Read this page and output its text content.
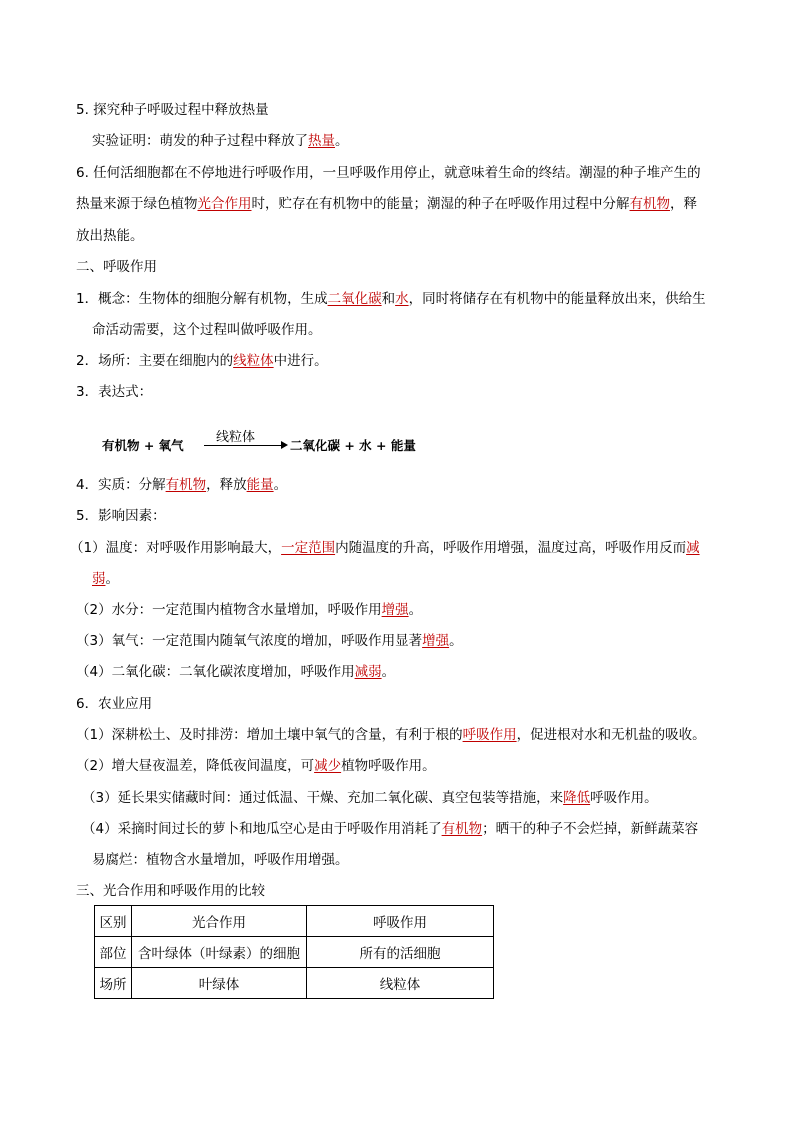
5. 探究种子呼吸过程中释放热量
实验证明：萌发的种子过程中释放了热量。
6. 任何活细胞都在不停地进行呼吸作用，一旦呼吸作用停止，就意味着生命的终结。潮湿的种子堆产生的
热量来源于绿色植物光合作用时，贮存在有机物中的能量；潮湿的种子在呼吸作用过程中分解有机物，释
放出热能。
二、呼吸作用
1．概念：生物体的细胞分解有机物，生成二氧化碳和水，同时将储存在有机物中的能量释放出来，供给生
命活动需要，这个过程叫做呼吸作用。
2．场所：主要在细胞内的线粒体中进行。
3．表达式：
有机物 + 氧气
线粒体
二氧化碳 + 水 + 能量
4．实质：分解有机物，释放能量。
5．影响因素：
（1）温度：对呼吸作用影响最大，一定范围内随温度的升高，呼吸作用增强，温度过高，呼吸作用反而减
弱。
（2）水分：一定范围内植物含水量增加，呼吸作用增强。
（3）氧气：一定范围内随氧气浓度的增加，呼吸作用显著增强。
（4）二氧化碳：二氧化碳浓度增加，呼吸作用减弱。
6．农业应用
（1）深耕松土、及时排涝：增加土壤中氧气的含量，有利于根的呼吸作用，促进根对水和无机盐的吸收。
（2）增大昼夜温差，降低夜间温度，可减少植物呼吸作用。
（3）延长果实储藏时间：通过低温、干燥、充加二氧化碳、真空包装等措施，来降低呼吸作用。
（4）采摘时间过长的萝卜和地瓜空心是由于呼吸作用消耗了有机物；晒干的种子不会烂掉，新鲜蔬菜容
易腐烂：植物含水量增加，呼吸作用增强。
三、光合作用和呼吸作用的比较
区别	光合作用	呼吸作用
部位	含叶绿体（叶绿素）的细胞	所有的活细胞
场所	叶绿体	线粒体
